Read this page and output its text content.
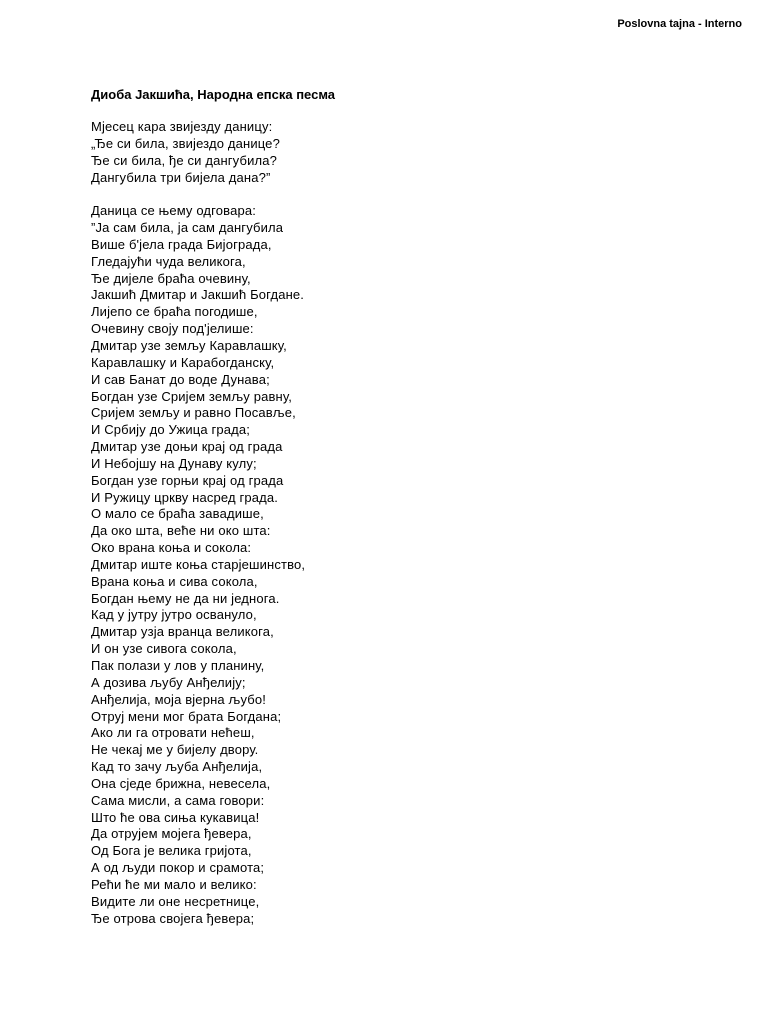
Poslovna tajna - Interno
Диоба Јакшића, Народна епска песма
Мјесец кара звијезду даницу:
„Ђе си била, звијездо данице?
Ђе си била, ђе си дангубила?
Дангубила три бијела дана?”
Даница се њему одговара:
”Ја сам била, ја сам дангубила
Више б'јела града Бијограда,
Гледајући чуда великога,
Ђе дијеле браћа очевину,
Јакшић Дмитар и Јакшић Богдане.
Лијепо се браћа погодише,
Очевину своју под'јелише:
Дмитар узе земљу Каравлашку,
Каравлашку и Карабогданску,
И сав Банат до воде Дунава;
Богдан узе Сријем земљу равну,
Сријем земљу и равно Посавље,
И Србију до Ужица града;
Дмитар узе доњи крај од града
И Небојшу на Дунаву кулу;
Богдан узе горњи крај од града
И Ружицу цркву насред града.
О мало се браћа завадише,
Да око шта, веће ни око шта:
Око врана коња и сокола:
Дмитар иште коња старјешинство,
Врана коња и сива сокола,
Богдан њему не да ни једнога.
Кад у јутру јутро освануло,
Дмитар узја вранца великога,
И он узе сивога сокола,
Пак полази у лов у планину,
А дозива љубу Анђелију;
Анђелија, моја вјерна љубо!
Отруј мени мог брата Богдана;
Ако ли га отровати нећеш,
Не чекај ме у бијелу двору.
Кад то зачу љуба Анђелија,
Она сједе брижна, невесела,
Сама мисли, а сама говори:
Што ће ова сиња кукавица!
Да отрујем мојега ђевера,
Од Бога је велика гријота,
А од људи покор и срамота;
Рећи ће ми мало и велико:
Видите ли оне несретнице,
Ђе отрова својега ђевера;
